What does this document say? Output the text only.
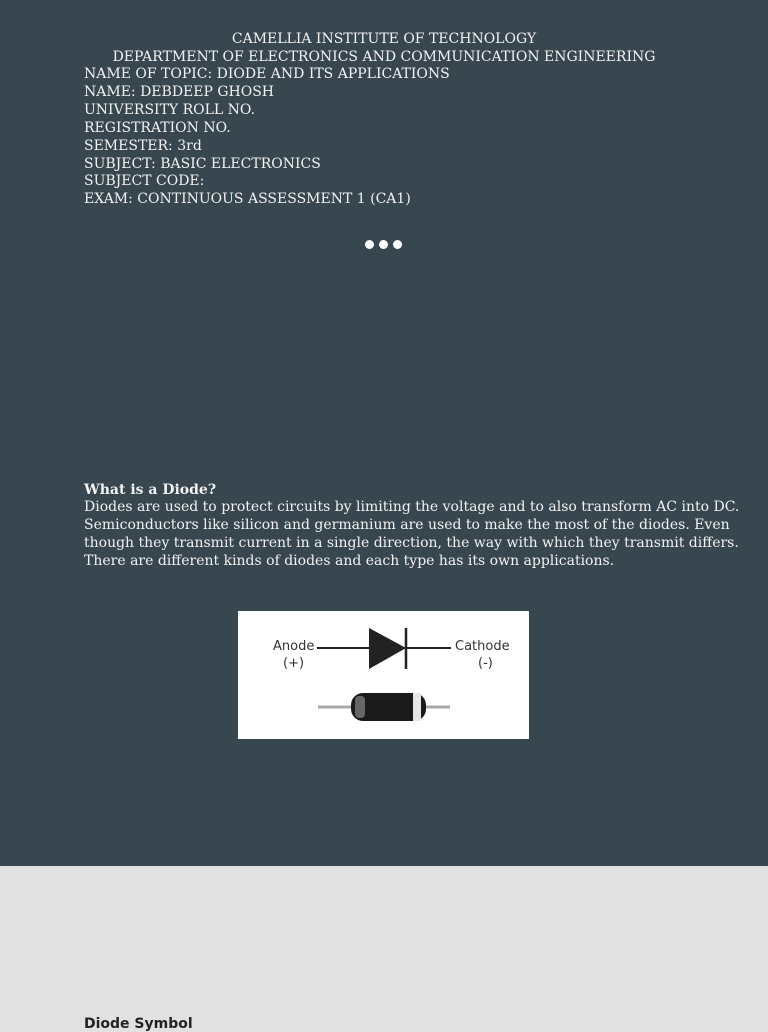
CAMELLIA INSTITUTE OF TECHNOLOGY
DEPARTMENT OF ELECTRONICS AND COMMUNICATION ENGINEERING
NAME OF TOPIC: DIODE AND ITS APPLICATIONS
NAME: DEBDEEP GHOSH
UNIVERSITY ROLL NO.
REGISTRATION NO.
SEMESTER: 3rd
SUBJECT: BASIC ELECTRONICS
SUBJECT CODE:
EXAM: CONTINUOUS ASSESSMENT 1 (CA1)
What is a Diode?
Diodes are used to protect circuits by limiting the voltage and to also transform AC into DC.
Semiconductors like silicon and germanium are used to make the most of the diodes. Even
though they transmit current in a single direction, the way with which they transmit differs.
There are different kinds of diodes and each type has its own applications.
Anode
(+)
Cathode
(-)
Diode Symbol
